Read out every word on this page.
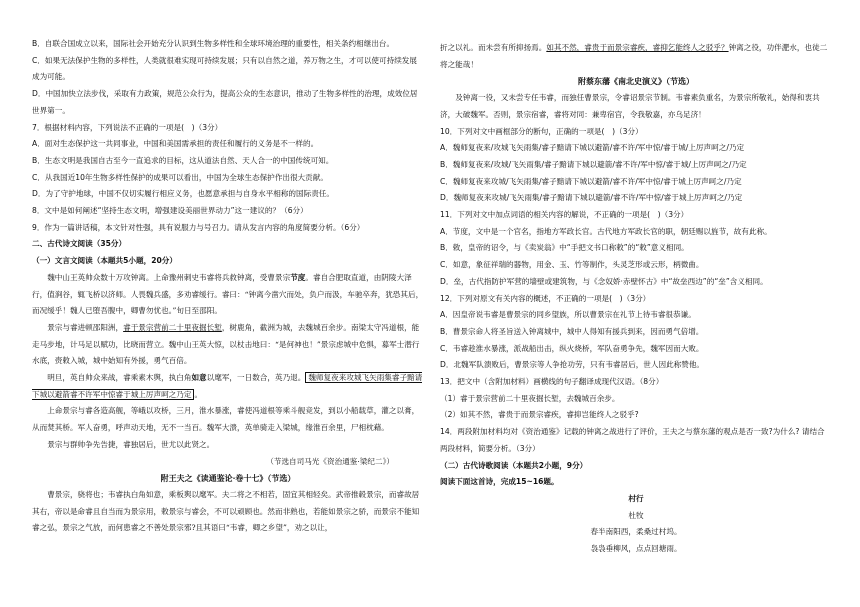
B．自联合国成立以来，国际社会开始充分认识到生物多样性和全球环境治理的重要性，相关条约相继出台。

C．如果无法保护生物的多样性，人类就很难实现可持续发展；只有以自然之道，养万物之生，才可以使可持续发展成为可能。

D．中国加快立法步伐，采取有力政策，规范公众行为，提高公众的生态意识，推动了生物多样性的治理，成效位居世界第一。

7．根据材料内容，下列说法不正确的一项是(　)（3分）

A．面对生态保护这一共同事业，中国和美国需承担的责任和履行的义务是不一样的。

B．生态文明是我国自古至今一直追求的目标，这从道法自然、天人合一的中国传统可知。

C．从我国近10年生物多样性保护的成果可以看出，中国为全球生态保护作出很大贡献。

D．为了守护地球，中国不仅切实履行相应义务，也愿意承担与自身水平相称的国际责任。

8．文中是如何阐述“坚持生态文明，增强建设美丽世界动力”这一建议的？（6分）

9．作为一篇讲话稿，本文针对性强，具有说服力与号召力。请从发言内容的角度简要分析。（6分）

二、古代诗文阅读（35分）

（一）文言文阅读（本题共5小题，20分）

魏中山王英帅众数十万攻钟离。上命豫州刺史韦睿将兵救钟离，受曹景宗节度。睿自合肥取直道，由阴陵大泽行，值涧谷，辄飞桥以济师。人畏魏兵盛，多劝睿缓行。睿曰：“钟离今凿穴而处，负户而汲，车驰卒奔，犹恐其后，而况缓乎！魏人已堕吾腹中，卿曹勿忧也。”旬日至邵阳。

景宗与睿进顿邵阳洲，睿于景宗营前二十里夜掘长堑，树鹿角，截洲为城，去魏城百余步。南梁太守冯道根，能走马步地，计马足以赋功，比晓而营立。魏中山王英大惊，以杖击地曰：“是何神也！”景宗虑城中危惧，募军士潜行水底，赍敕入城，城中始知有外援，勇气百倍。

明旦，英自帅众来战，睿乘素木舆，执白角如意以麾军，一日数合，英乃退。 魏师复夜来攻城飞矢雨集睿子黯请下城以避箭睿不许军中惊睿于城上厉声呵之乃定 。

上命景宗与睿各造高舰，等峨以攻桥，三月，淮水暴涨，睿使冯道根等乘斗舰竞发，到以小船载草，灌之以膏，从而焚其桥。军人奋勇，呼声动天地，无不一当百。魏军大溃，英单骑走入梁城，缘淮百余里，尸相枕藉。

景宗与群帅争先告捷，睿独居后，世尤以此贤之。

（节选自司马光《资治通鉴·梁纪二》）

附王夫之《读通鉴论·卷十七》（节选）

曹景宗，骁将也；韦睿执白角如意，乘板舆以麾军。夫二将之不相若，固宜其相轻矣。武帝推毂景宗，而睿故居其右，帝以是命睿且自当而为景宗用，敕景宗与睿会，不可以顽顾也。然而非熟也，若能如景宗之骄，而景宗不能知睿之弘，景宗之气放，而何患睿之不善处景宗邪?且其语曰“韦睿，卿之乡望”，劝之以让，

折之以礼。而未尝有所抑扬焉。如其不然，睿贵于而景宗睿疾，睿抑乞能终人之驳乎？钟离之役，功伴淝水，也徒二将之能哉！

附蔡东藩《南北史演义》（节选）

及钟离一役，又未尝专任韦睿，而独任曹景宗，令睿诏景宗节制。韦睿素负重名，为景宗所敬礼，始得和衷共济，大破魏军。否则，景宗宿睿，睿将对同：兼卑宿宫，令我敬嘉，亦乌足济！

10．下列对文中画框部分的断句，正确的一项是(　)（3分）

A．魏师复夜来/攻城飞矢雨集/睿子黯请下城以避箭/睿不许/军中惊/睿于城/上厉声呵之/乃定

B．魏师复夜来/攻城/飞矢雨集/睿子黯请下城以避箭/睿不许/军中惊/睿于城/上厉声呵之/乃定

C．魏师复夜来攻城/飞矢雨集/睿子黯请下城以避箭/睿不许/军中惊/睿于城上厉声呵之/乃定

D．魏师复夜来攻城/飞矢雨集/睿子黯请下城以避箭/睿不许/军中惊/睿于城上厉声呵之/乃定

11．下列对文中加点词语的相关内容的解说，不正确的一项是(　)（3分）

A．节度，文中是一个官名，指地方军政长官。古代地方军政长官的职，朝廷赐以旌节，故有此称。

B．敕，皇帝的诏令，与《卖炭翁》中“手把文书口称敕”的“敕”意义相同。

C．如意，象征祥瑞的器物，用金、玉、竹等制作，头灵芝形或云形，柄微曲。

D．垒，古代指防护军营的墙壁或建筑物，与《念奴娇·赤壁怀古》中“故垒西边”的“垒”含义相同。

12．下列对原文有关内容的概述，不正确的一项是(　)（3分）

A．因皇帝说韦睿是曹景宗的同乡望族，所以曹景宗在礼节上待韦睿很恭谦。

B．曹景宗命人将圣旨送入钟离城中，城中人得知有援兵到来，因而勇气倍增。

C．韦睿趁淮水暴涨，派战船出击，纵火烧桥，军队奋勇争先，魏军因而大败。

D．北魏军队溃败后，曹景宗等人争抢功劳，只有韦睿居后，世人因此称赞他。

13．把文中（含附加材料）画横线的句子翻译成现代汉语。（8分）

（1）睿于景宗营前二十里夜掘长堑，去魏城百余步。

（2）如其不然，睿贵于而景宗睿疾，睿抑岂能终人之驳乎?

14．两段附加材料均对《资治通鉴》记载的钟离之战进行了评价，王夫之与蔡东藩的观点是否一致?为什么? 请结合两段材料，简要分析。（3分）

（二）古代诗歌阅读（本题共2小题，9分）

阅读下面这首诗，完成15~16题。

村行

杜牧

春半南阳西，柔桑过村坞。

袅袅垂柳风，点点回塘雨。
